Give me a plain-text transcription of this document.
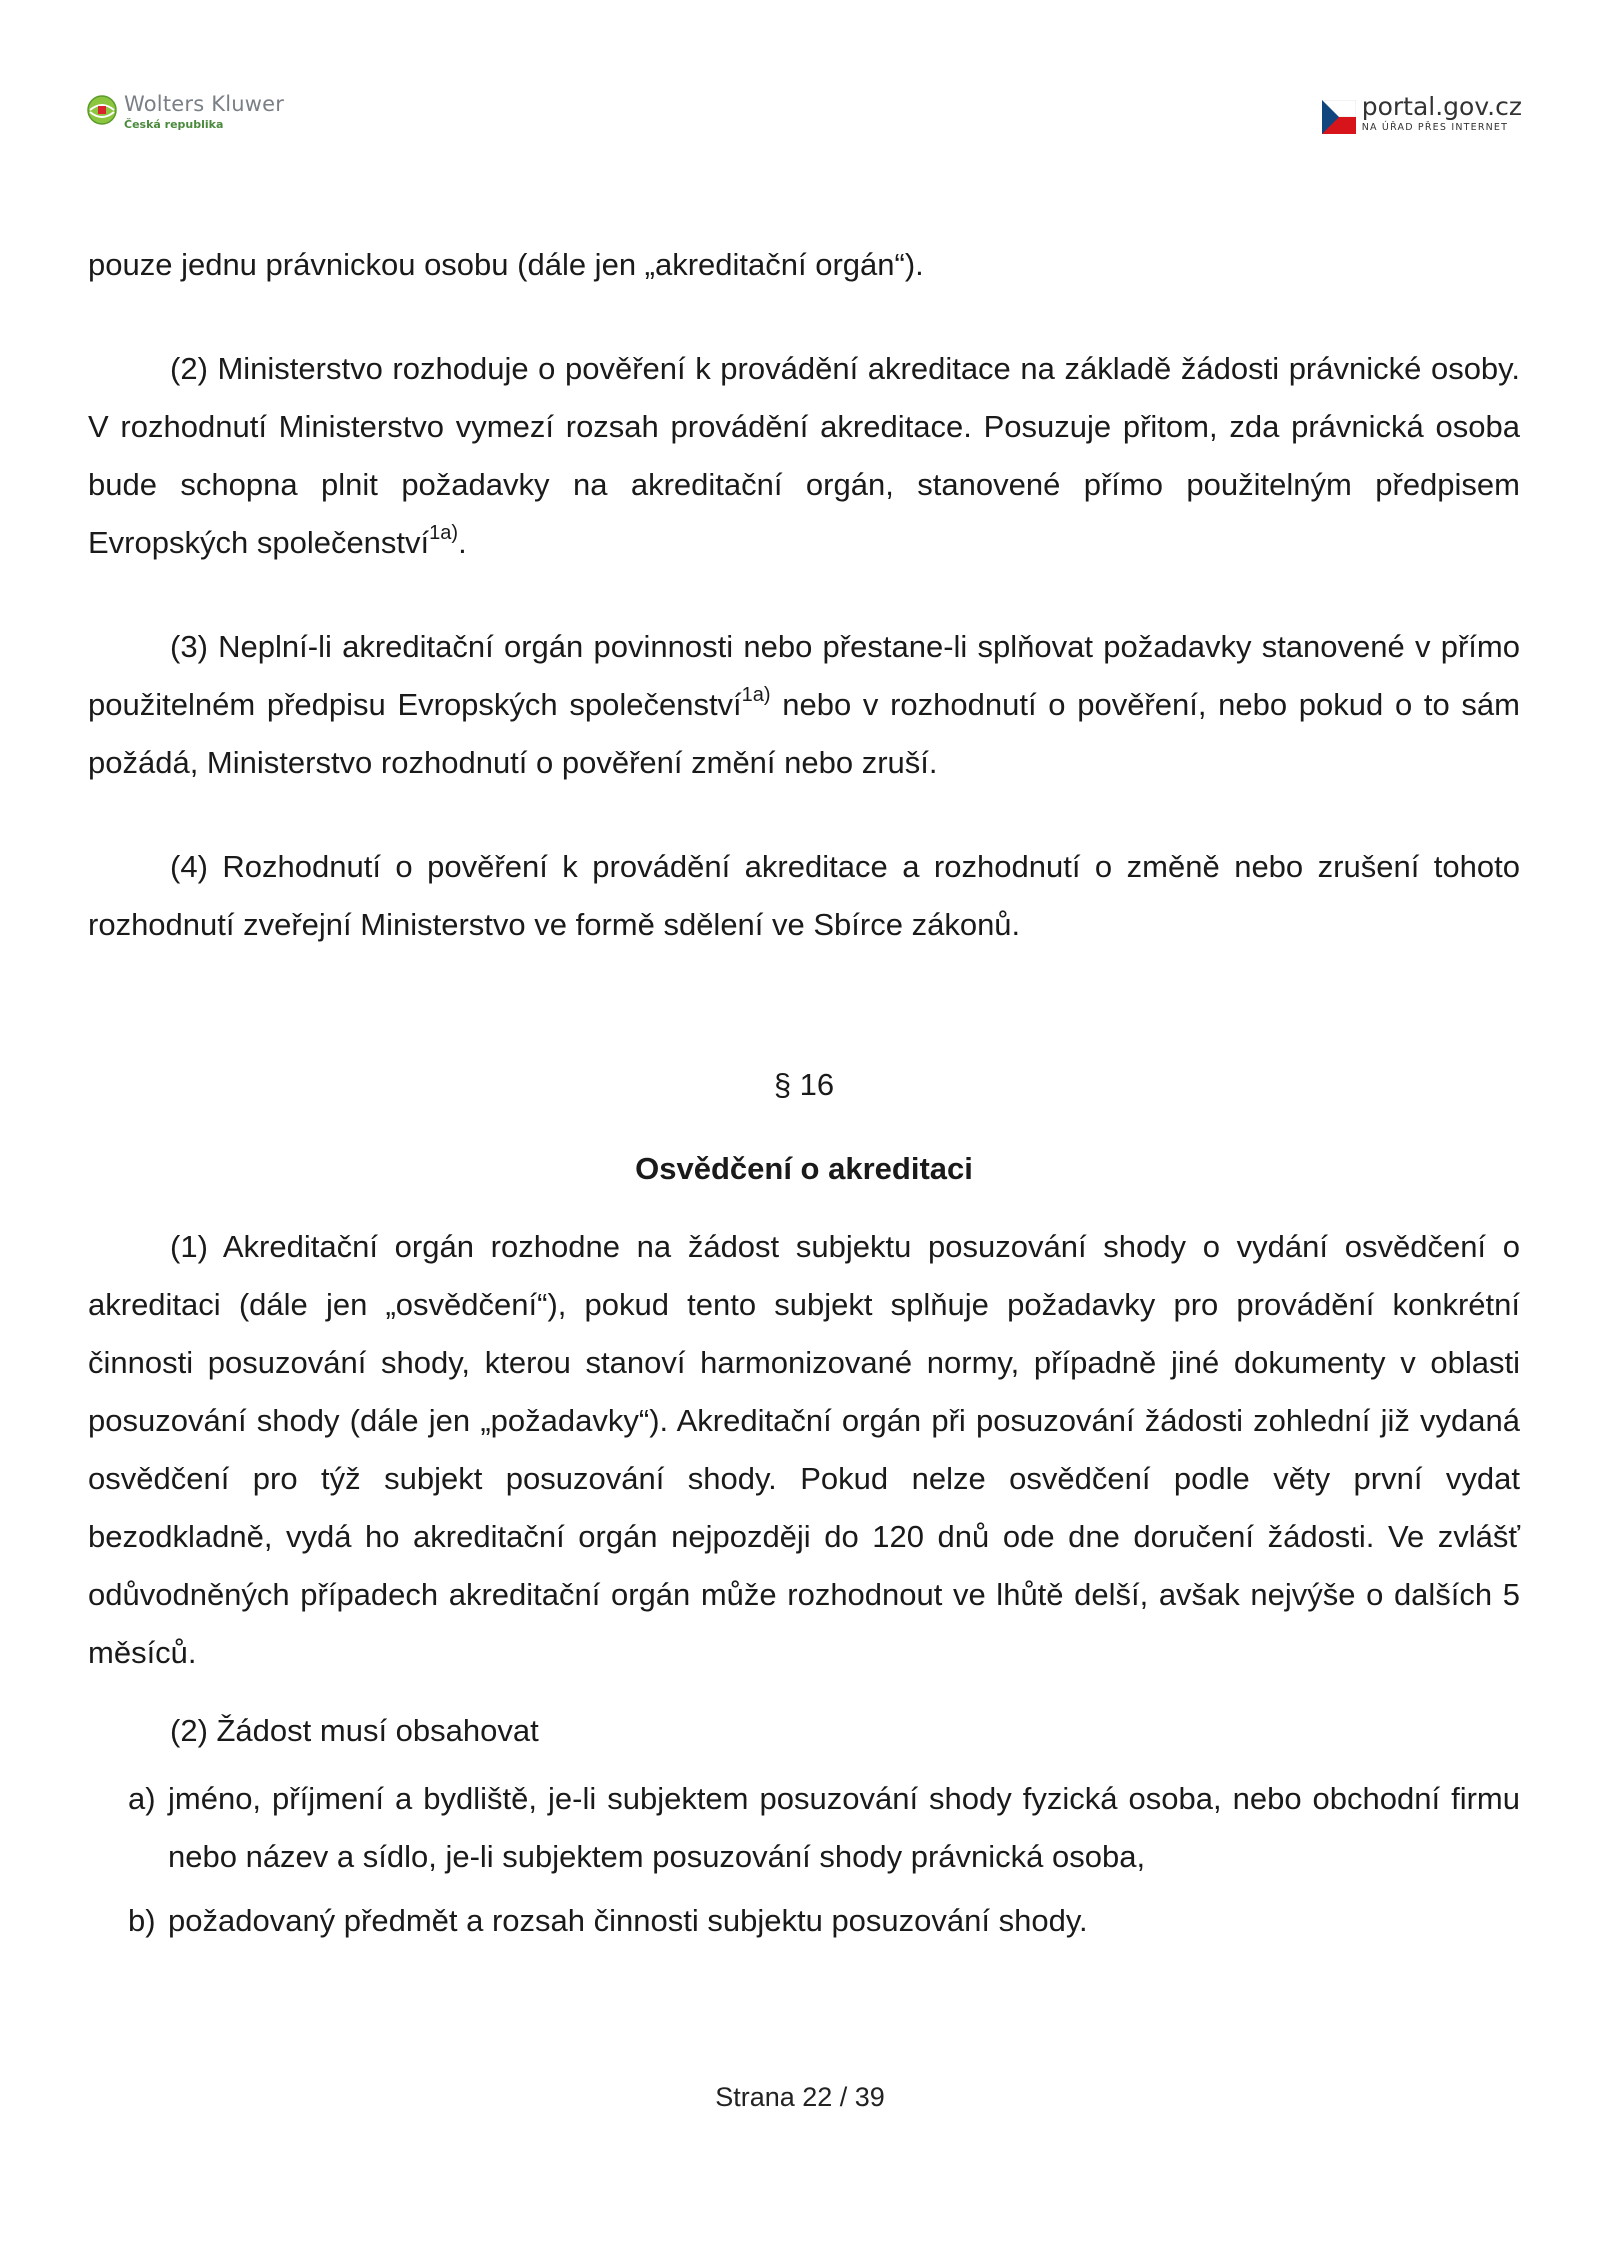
Wolters Kluwer
Česká republika
portal.gov.cz
NA ÚŘAD PŘES INTERNET

pouze jednu právnickou osobu (dále jen „akreditační orgán“).

(2) Ministerstvo rozhoduje o pověření k provádění akreditace na základě žádosti právnické osoby. V rozhodnutí Ministerstvo vymezí rozsah provádění akreditace. Posuzuje přitom, zda právnická osoba bude schopna plnit požadavky na akreditační orgán, stanovené přímo použitelným předpisem Evropských společenství$^{1a)}$.

(3) Neplní-li akreditační orgán povinnosti nebo přestane-li splňovat požadavky stanovené v přímo použitelném předpisu Evropských společenství$^{1a)}$ nebo v rozhodnutí o pověření, nebo pokud o to sám požádá, Ministerstvo rozhodnutí o pověření změní nebo zruší.

(4) Rozhodnutí o pověření k provádění akreditace a rozhodnutí o změně nebo zrušení tohoto rozhodnutí zveřejní Ministerstvo ve formě sdělení ve Sbírce zákonů.

§ 16

Osvědčení o akreditaci

(1) Akreditační orgán rozhodne na žádost subjektu posuzování shody o vydání osvědčení o akreditaci (dále jen „osvědčení“), pokud tento subjekt splňuje požadavky pro provádění konkrétní činnosti posuzování shody, kterou stanoví harmonizované normy, případně jiné dokumenty v oblasti posuzování shody (dále jen „požadavky“). Akreditační orgán při posuzování žádosti zohlední již vydaná osvědčení pro týž subjekt posuzování shody. Pokud nelze osvědčení podle věty první vydat bezodkladně, vydá ho akreditační orgán nejpozději do 120 dnů ode dne doručení žádosti. Ve zvlášť odůvodněných případech akreditační orgán může rozhodnout ve lhůtě delší, avšak nejvýše o dalších 5 měsíců.

(2) Žádost musí obsahovat

a) jméno, příjmení a bydliště, je-li subjektem posuzování shody fyzická osoba, nebo obchodní firmu nebo název a sídlo, je-li subjektem posuzování shody právnická osoba,
b) požadovaný předmět a rozsah činnosti subjektu posuzování shody.
Strana 22 / 39
